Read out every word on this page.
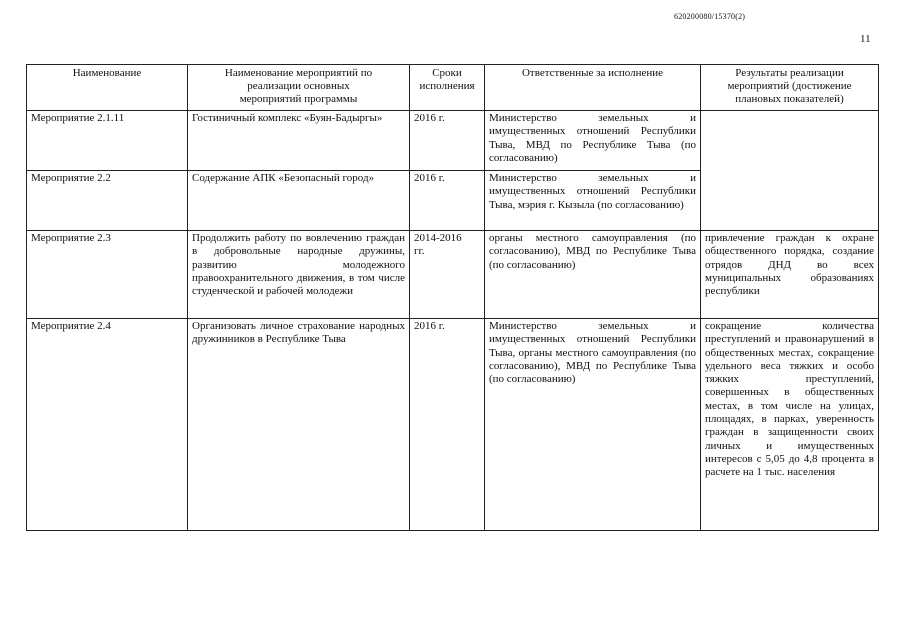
620200080/15370(2)
11
Наименование	Наименование мероприятий по реализации основных мероприятий программы	Сроки исполнения	Ответственные за исполнение	Результаты реализации мероприятий (достижение плановых показателей)
Мероприятие 2.1.11	Гостиничный комплекс «Буян-Бадыргы»	2016 г.	Министерство земельных и имущественных отношений Республики Тыва, МВД по Республике Тыва (по согласованию)	
Мероприятие 2.2	Содержание АПК «Безопасный город»	2016 г.	Министерство земельных и имущественных отношений Республики Тыва, мэрия г. Кызыла (по согласованию)	
Мероприятие 2.3	Продолжить работу по вовлечению граждан в добровольные народные дружины, развитию молодежного правоохранительного движения, в том числе студенческой и рабочей молодежи	2014-2016 гг.	органы местного самоуправления (по согласованию), МВД по Республике Тыва (по согласованию)	привлечение граждан к охране общественного порядка, создание отрядов ДНД во всех муниципальных образованиях республики
Мероприятие 2.4	Организовать личное страхование народных дружинников в Республике Тыва	2016 г.	Министерство земельных и имущественных отношений Республики Тыва, органы местного самоуправления (по согласованию), МВД по Республике Тыва (по согласованию)	сокращение количества преступлений и правонарушений в общественных местах, сокращение удельного веса тяжких и особо тяжких преступлений, совершенных в общественных местах, в том числе на улицах, площадях, в парках, уверенность граждан в защищенности своих личных и имущественных интересов с 5,05 до 4,8 процента в расчете на 1 тыс. населения
